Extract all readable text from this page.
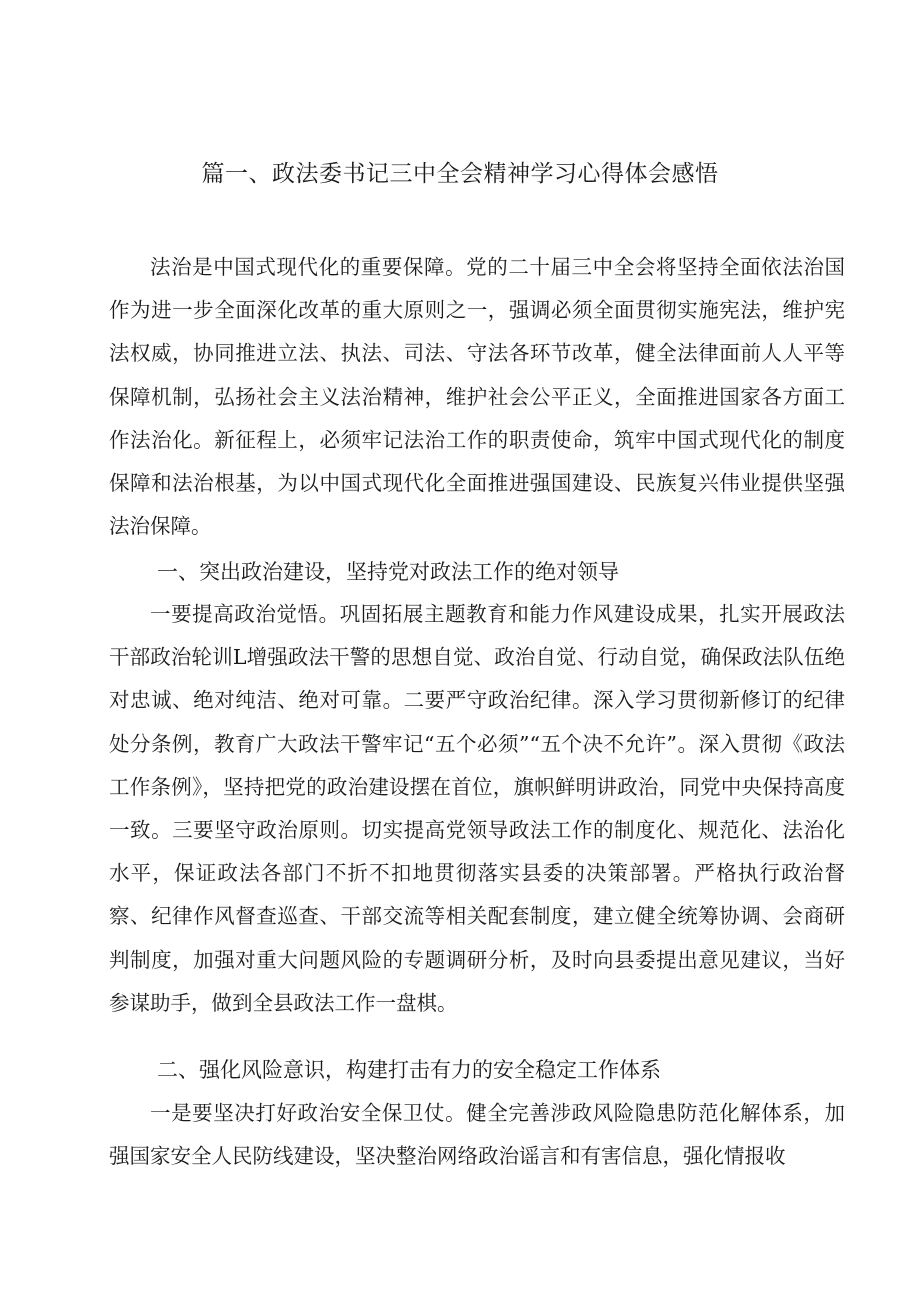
篇一、政法委书记三中全会精神学习心得体会感悟

法治是中国式现代化的重要保障。党的二十届三中全会将坚持全面依法治国作为进一步全面深化改革的重大原则之一，强调必须全面贯彻实施宪法，维护宪法权威，协同推进立法、执法、司法、守法各环节改革，健全法律面前人人平等保障机制，弘扬社会主义法治精神，维护社会公平正义，全面推进国家各方面工作法治化。新征程上，必须牢记法治工作的职责使命，筑牢中国式现代化的制度保障和法治根基，为以中国式现代化全面推进强国建设、民族复兴伟业提供坚强法治保障。

一、突出政治建设，坚持党对政法工作的绝对领导

一要提高政治觉悟。巩固拓展主题教育和能力作风建设成果，扎实开展政法干部政治轮训L增强政法干警的思想自觉、政治自觉、行动自觉，确保政法队伍绝对忠诚、绝对纯洁、绝对可靠。二要严守政治纪律。深入学习贯彻新修订的纪律处分条例，教育广大政法干警牢记“五个必须”“五个决不允许”。深入贯彻《政法工作条例》，坚持把党的政治建设摆在首位，旗帜鲜明讲政治，同党中央保持高度一致。三要坚守政治原则。切实提高党领导政法工作的制度化、规范化、法治化水平，保证政法各部门不折不扣地贯彻落实县委的决策部署。严格执行政治督察、纪律作风督查巡查、干部交流等相关配套制度，建立健全统筹协调、会商研判制度，加强对重大问题风险的专题调研分析，及时向县委提出意见建议，当好参谋助手，做到全县政法工作一盘棋。

二、强化风险意识，构建打击有力的安全稳定工作体系

一是要坚决打好政治安全保卫仗。健全完善涉政风险隐患防范化解体系，加强国家安全人民防线建设，坚决整治网络政治谣言和有害信息，强化情报收
